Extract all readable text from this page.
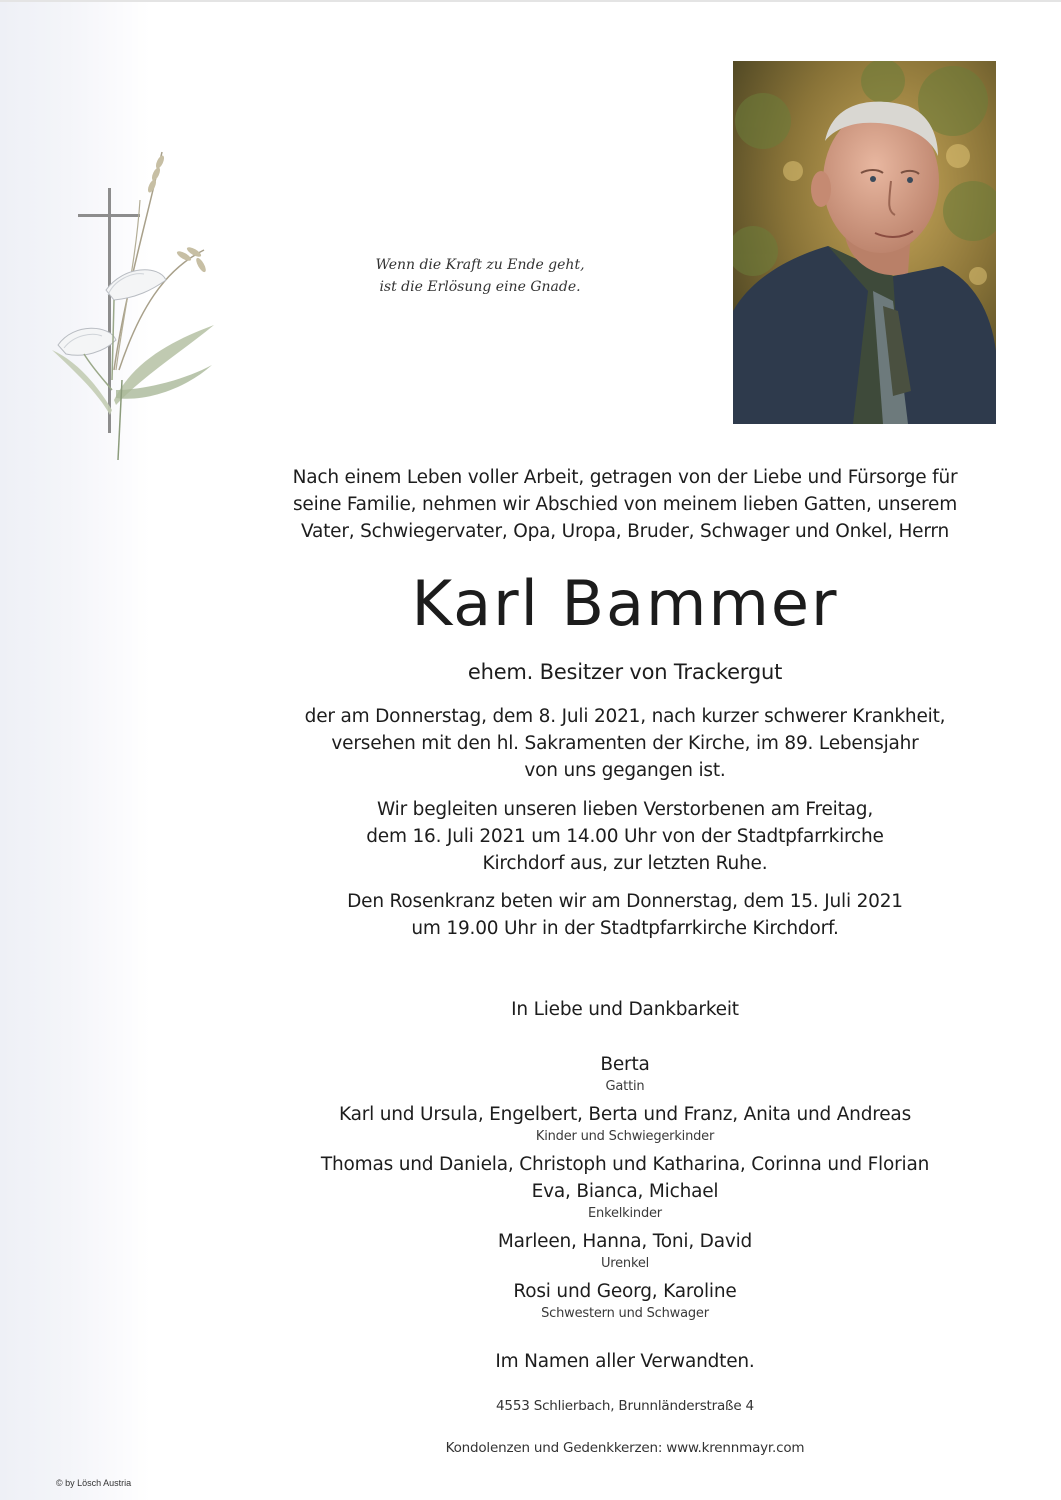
Wenn die Kraft zu Ende geht,
ist die Erlösung eine Gnade.
Nach einem Leben voller Arbeit, getragen von der Liebe und Fürsorge für
seine Familie, nehmen wir Abschied von meinem lieben Gatten, unserem
Vater, Schwiegervater, Opa, Uropa, Bruder, Schwager und Onkel, Herrn
Karl Bammer
ehem. Besitzer von Trackergut
der am Donnerstag, dem 8. Juli 2021, nach kurzer schwerer Krankheit,
versehen mit den hl. Sakramenten der Kirche, im 89. Lebensjahr
von uns gegangen ist.
Wir begleiten unseren lieben Verstorbenen am Freitag,
dem 16. Juli 2021 um 14.00 Uhr von der Stadtpfarrkirche
Kirchdorf aus, zur letzten Ruhe.
Den Rosenkranz beten wir am Donnerstag, dem 15. Juli 2021
um 19.00 Uhr in der Stadtpfarrkirche Kirchdorf.
In Liebe und Dankbarkeit
Berta
Gattin
Karl und Ursula, Engelbert, Berta und Franz, Anita und Andreas
Kinder und Schwiegerkinder
Thomas und Daniela, Christoph und Katharina, Corinna und Florian
Eva, Bianca, Michael
Enkelkinder
Marleen, Hanna, Toni, David
Urenkel
Rosi und Georg, Karoline
Schwestern und Schwager
Im Namen aller Verwandten.
4553 Schlierbach, Brunnländerstraße 4
Kondolenzen und Gedenkkerzen: www.krennmayr.com
© by Lösch Austria
